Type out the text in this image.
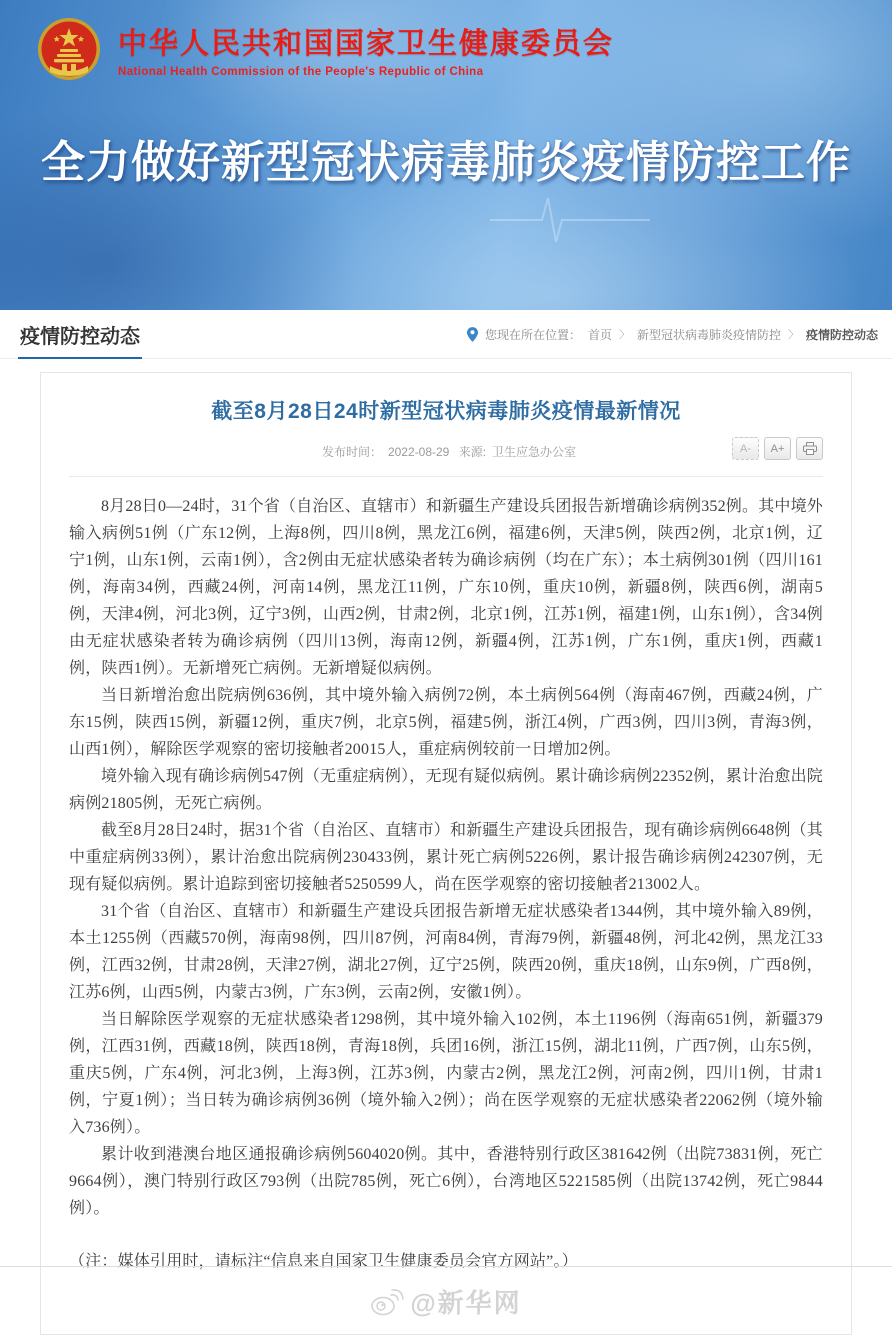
中华人民共和国国家卫生健康委员会
National Health Commission of the People's Republic of China
全力做好新型冠状病毒肺炎疫情防控工作
疫情防控动态	您现在所在位置： 首页 〉 新型冠状病毒肺炎疫情防控 〉 疫情防控动态
截至8月28日24时新型冠状病毒肺炎疫情最新情况
发布时间： 2022-08-29 来源: 卫生应急办公室	A-	A+

8月28日0—24时，31个省（自治区、直辖市）和新疆生产建设兵团报告新增确诊病例352例。其中境外输入病例51例（广东12例，上海8例，四川8例，黑龙江6例，福建6例，天津5例，陕西2例，北京1例，辽宁1例，山东1例，云南1例），含2例由无症状感染者转为确诊病例（均在广东）；本土病例301例（四川161例，海南34例，西藏24例，河南14例，黑龙江11例，广东10例，重庆10例，新疆8例，陕西6例，湖南5例，天津4例，河北3例，辽宁3例，山西2例，甘肃2例，北京1例，江苏1例，福建1例，山东1例），含34例由无症状感染者转为确诊病例（四川13例，海南12例，新疆4例，江苏1例，广东1例，重庆1例，西藏1例，陕西1例）。无新增死亡病例。无新增疑似病例。

当日新增治愈出院病例636例，其中境外输入病例72例，本土病例564例（海南467例，西藏24例，广东15例，陕西15例，新疆12例，重庆7例，北京5例，福建5例，浙江4例，广西3例，四川3例，青海3例，山西1例），解除医学观察的密切接触者20015人，重症病例较前一日增加2例。

境外输入现有确诊病例547例（无重症病例），无现有疑似病例。累计确诊病例22352例，累计治愈出院病例21805例，无死亡病例。

截至8月28日24时，据31个省（自治区、直辖市）和新疆生产建设兵团报告，现有确诊病例6648例（其中重症病例33例），累计治愈出院病例230433例，累计死亡病例5226例，累计报告确诊病例242307例，无现有疑似病例。累计追踪到密切接触者5250599人，尚在医学观察的密切接触者213002人。

31个省（自治区、直辖市）和新疆生产建设兵团报告新增无症状感染者1344例，其中境外输入89例，本土1255例（西藏570例，海南98例，四川87例，河南84例，青海79例，新疆48例，河北42例，黑龙江33例，江西32例，甘肃28例，天津27例，湖北27例，辽宁25例，陕西20例，重庆18例，山东9例，广西8例，江苏6例，山西5例，内蒙古3例，广东3例，云南2例，安徽1例）。

当日解除医学观察的无症状感染者1298例，其中境外输入102例，本土1196例（海南651例，新疆379例，江西31例，西藏18例，陕西18例，青海18例，兵团16例，浙江15例，湖北11例，广西7例，山东5例，重庆5例，广东4例，河北3例，上海3例，江苏3例，内蒙古2例，黑龙江2例，河南2例，四川1例，甘肃1例，宁夏1例）；当日转为确诊病例36例（境外输入2例）；尚在医学观察的无症状感染者22062例（境外输入736例）。

累计收到港澳台地区通报确诊病例5604020例。其中，香港特别行政区381642例（出院73831例，死亡9664例），澳门特别行政区793例（出院785例，死亡6例），台湾地区5221585例（出院13742例，死亡9844例）。

（注：媒体引用时，请标注“信息来自国家卫生健康委员会官方网站”。）

@新华网
